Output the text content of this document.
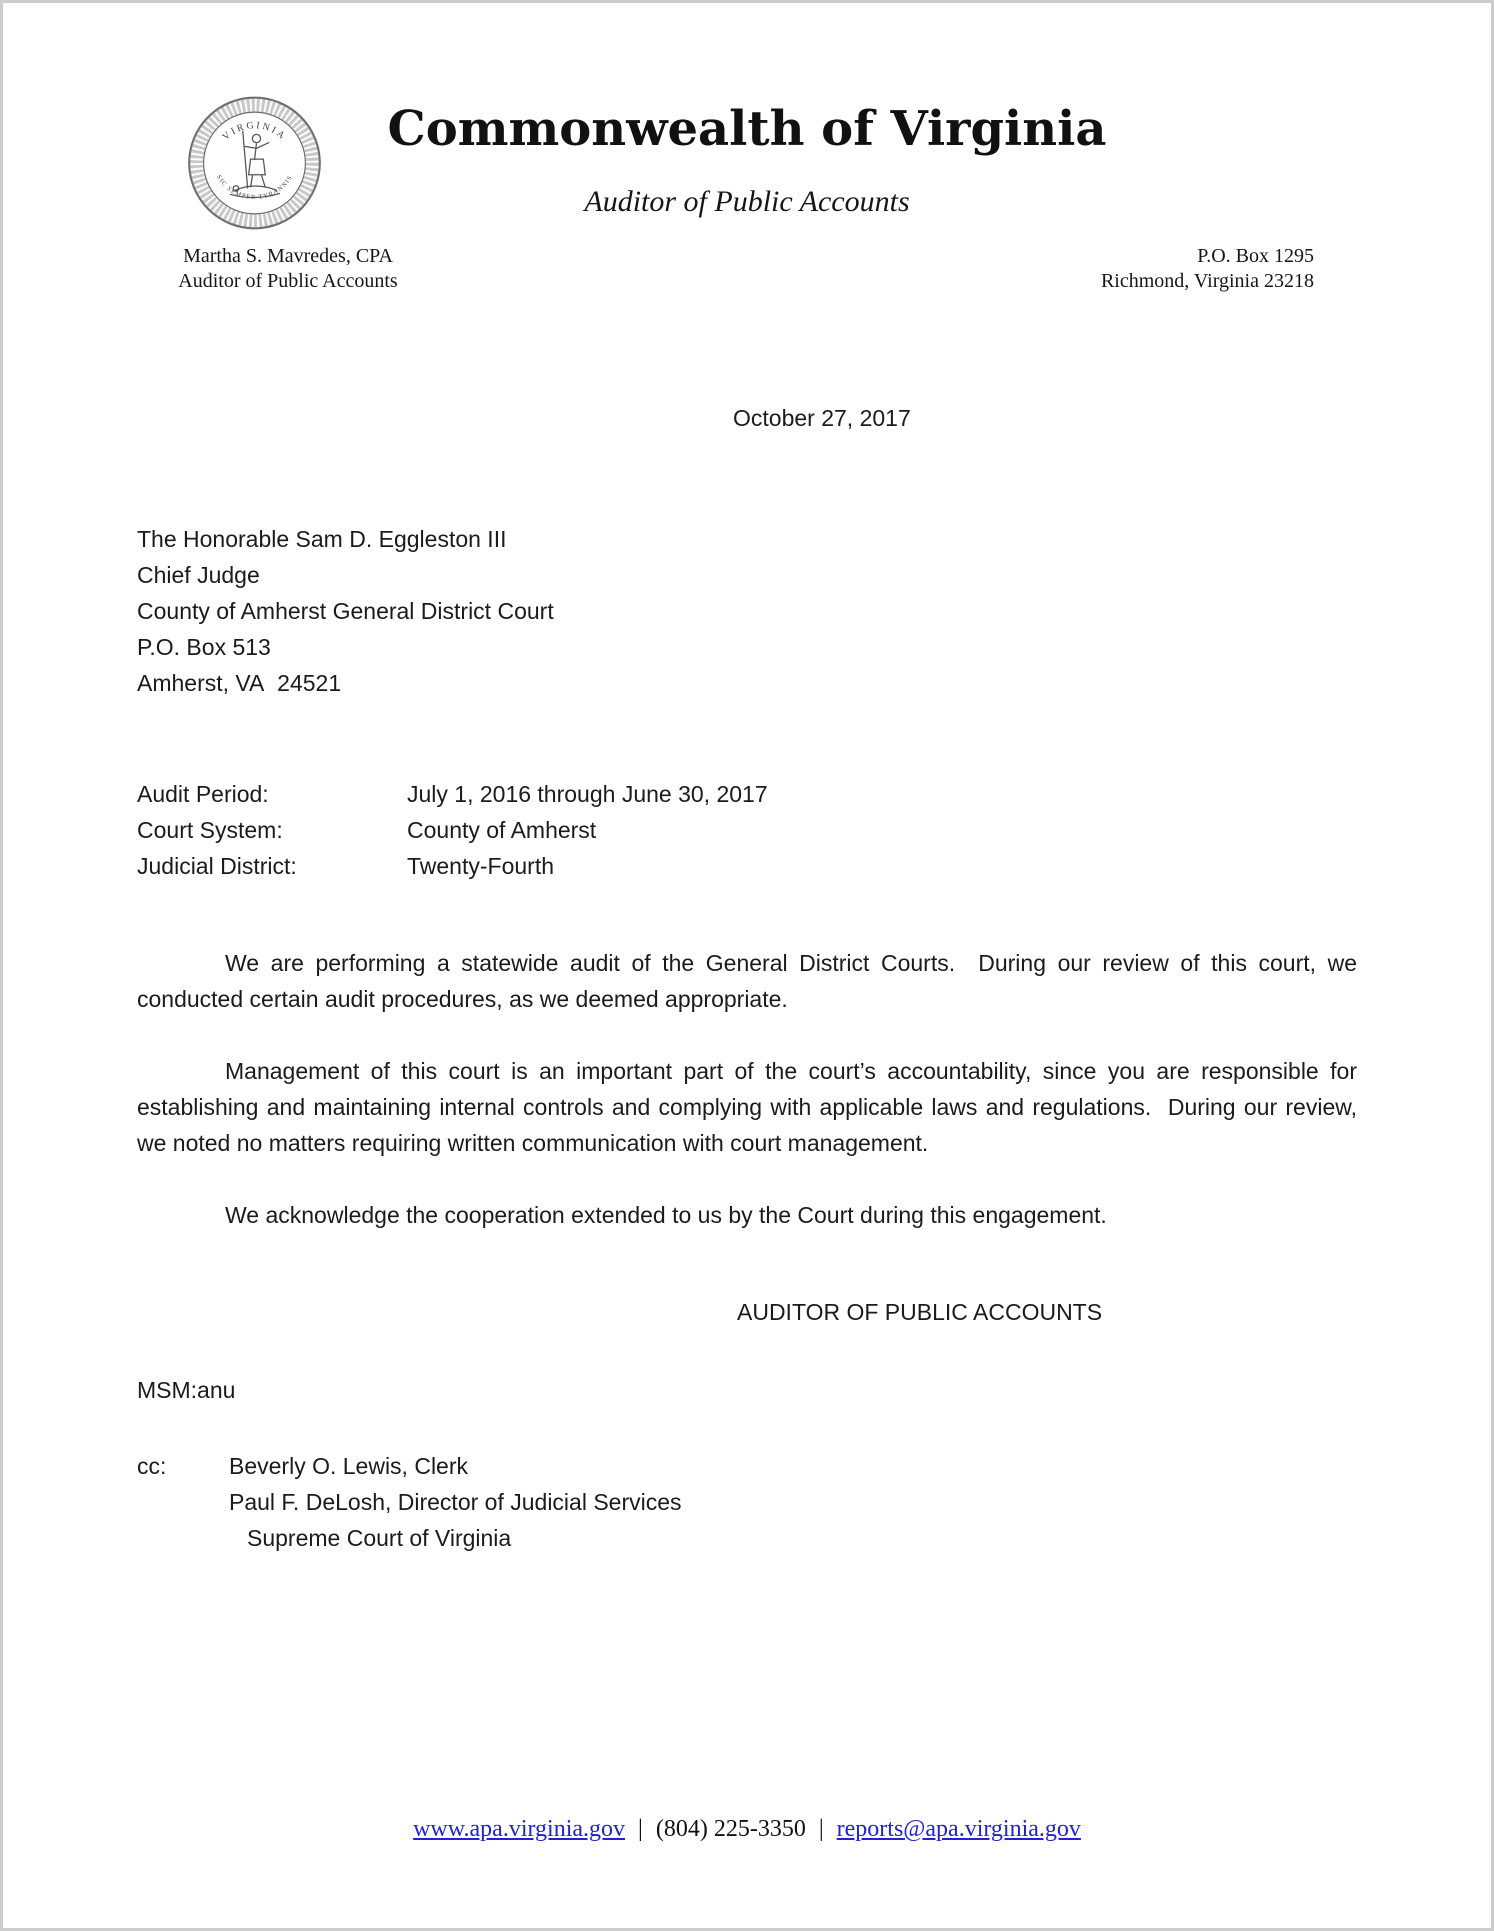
VIRGINIA
SIC SEMPER TYRANNIS
Commonwealth of Virginia
Auditor of Public Accounts
Martha S. Mavredes, CPA
Auditor of Public Accounts
P.O. Box 1295
Richmond, Virginia 23218
October 27, 2017
The Honorable Sam D. Eggleston III
Chief Judge
County of Amherst General District Court
P.O. Box 513
Amherst, VA  24521
Audit Period:	July 1, 2016 through June 30, 2017
Court System:	County of Amherst
Judicial District:	Twenty-Fourth

We are performing a statewide audit of the General District Courts.  During our review of this court, we conducted certain audit procedures, as we deemed appropriate.

Management of this court is an important part of the court’s accountability, since you are responsible for establishing and maintaining internal controls and complying with applicable laws and regulations.  During our review, we noted no matters requiring written communication with court management.

We acknowledge the cooperation extended to us by the Court during this engagement.

AUDITOR OF PUBLIC ACCOUNTS
MSM:anu
cc:	Beverly O. Lewis, Clerk
Paul F. DeLosh, Director of Judicial Services
Supreme Court of Virginia
www.apa.virginia.gov | (804) 225-3350 | reports@apa.virginia.gov
